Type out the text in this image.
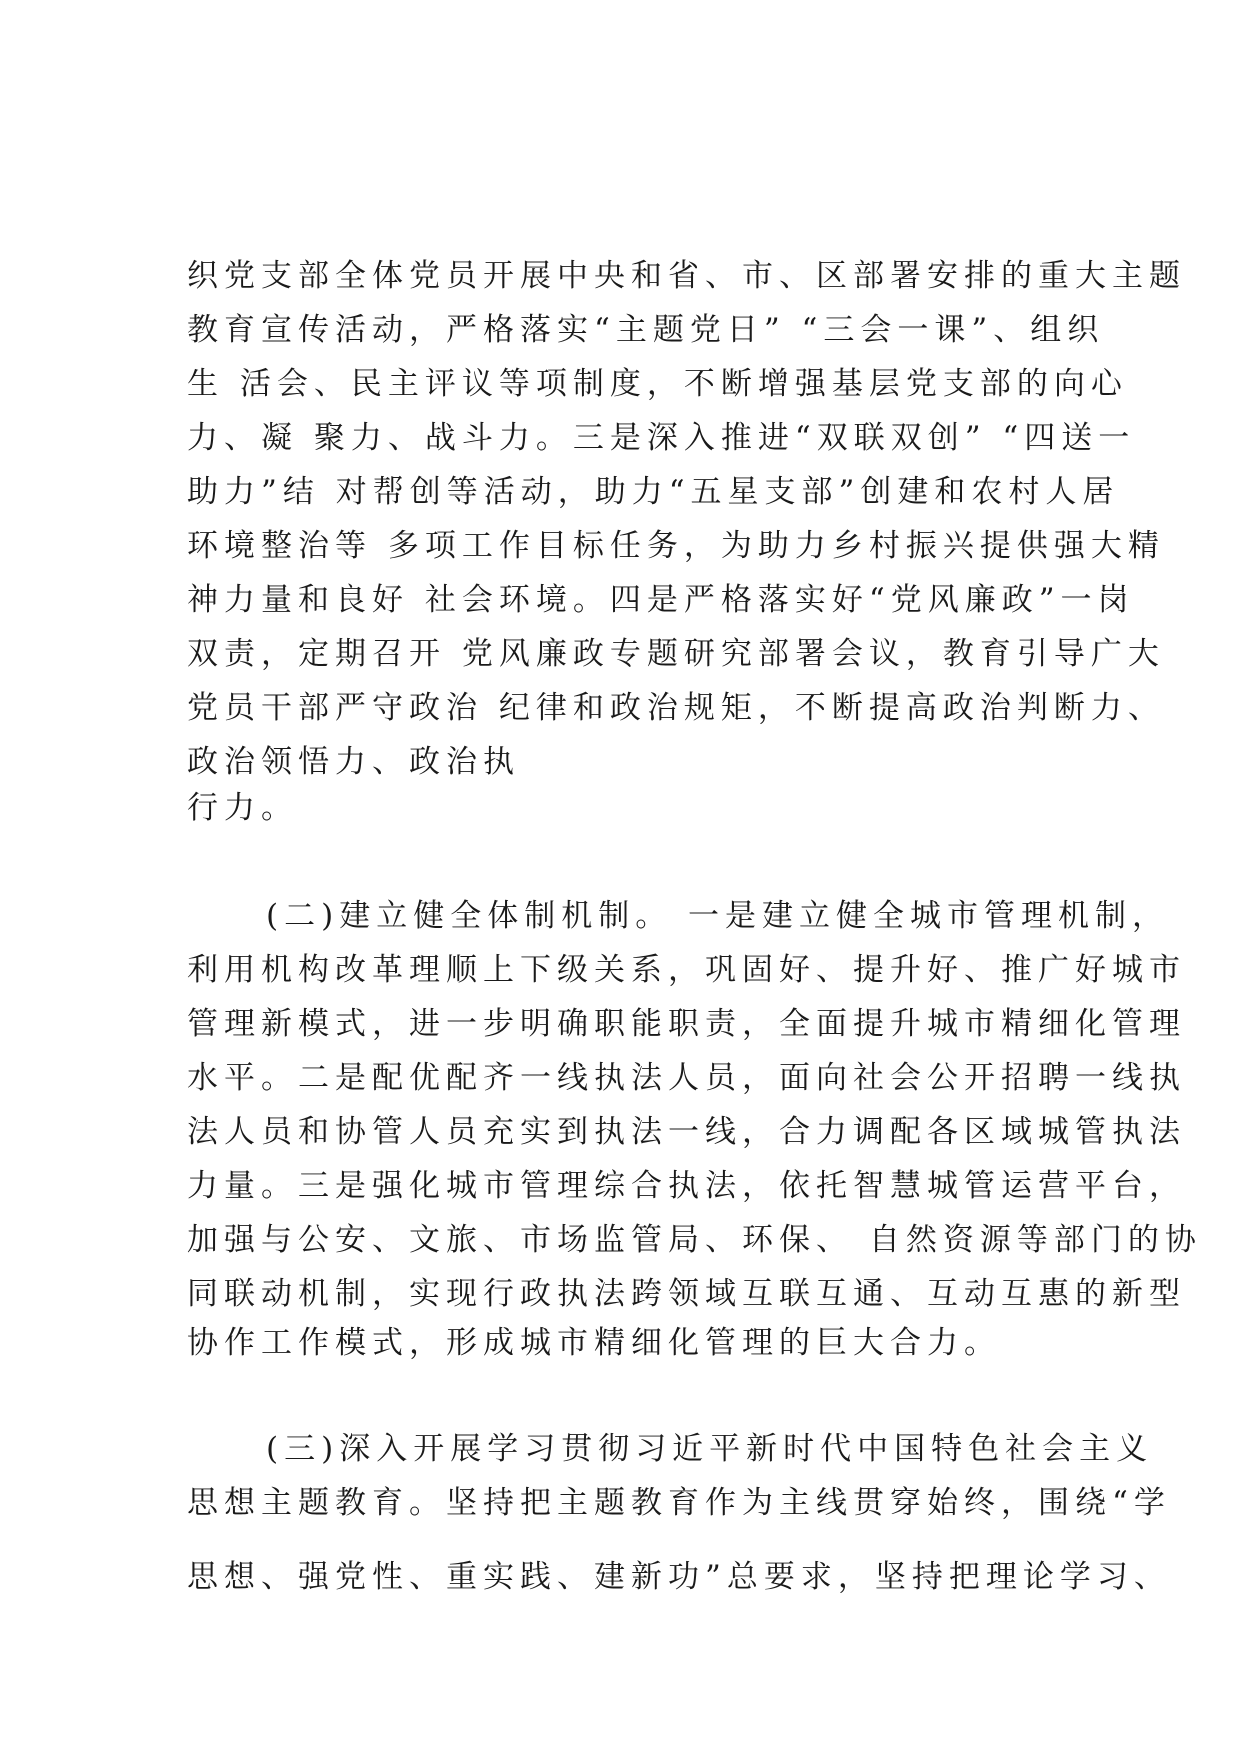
织党支部全体党员开展中央和省、市、区部署安排的重大主题
教育宣传活动，严格落实“主题党日” “三会一课”、组织
生 活会、民主评议等项制度，不断增强基层党支部的向心
力、凝 聚力、战斗力。三是深入推进“双联双创” “四送一
助力”结 对帮创等活动，助力“五星支部”创建和农村人居
环境整治等 多项工作目标任务，为助力乡村振兴提供强大精
神力量和良好 社会环境。四是严格落实好“党风廉政”一岗
双责，定期召开 党风廉政专题研究部署会议，教育引导广大
党员干部严守政治 纪律和政治规矩，不断提高政治判断力、
政治领悟力、政治执
行力。
(二)建立健全体制机制。 一是建立健全城市管理机制，
利用机构改革理顺上下级关系，巩固好、提升好、推广好城市
管理新模式，进一步明确职能职责，全面提升城市精细化管理
水平。二是配优配齐一线执法人员，面向社会公开招聘一线执
法人员和协管人员充实到执法一线，合力调配各区域城管执法
力量。三是强化城市管理综合执法，依托智慧城管运营平台，
加强与公安、文旅、市场监管局、环保、 自然资源等部门的协
同联动机制，实现行政执法跨领域互联互通、互动互惠的新型
协作工作模式，形成城市精细化管理的巨大合力。
(三)深入开展学习贯彻习近平新时代中国特色社会主义
思想主题教育。坚持把主题教育作为主线贯穿始终，围绕“学
思想、强党性、重实践、建新功”总要求，坚持把理论学习、
